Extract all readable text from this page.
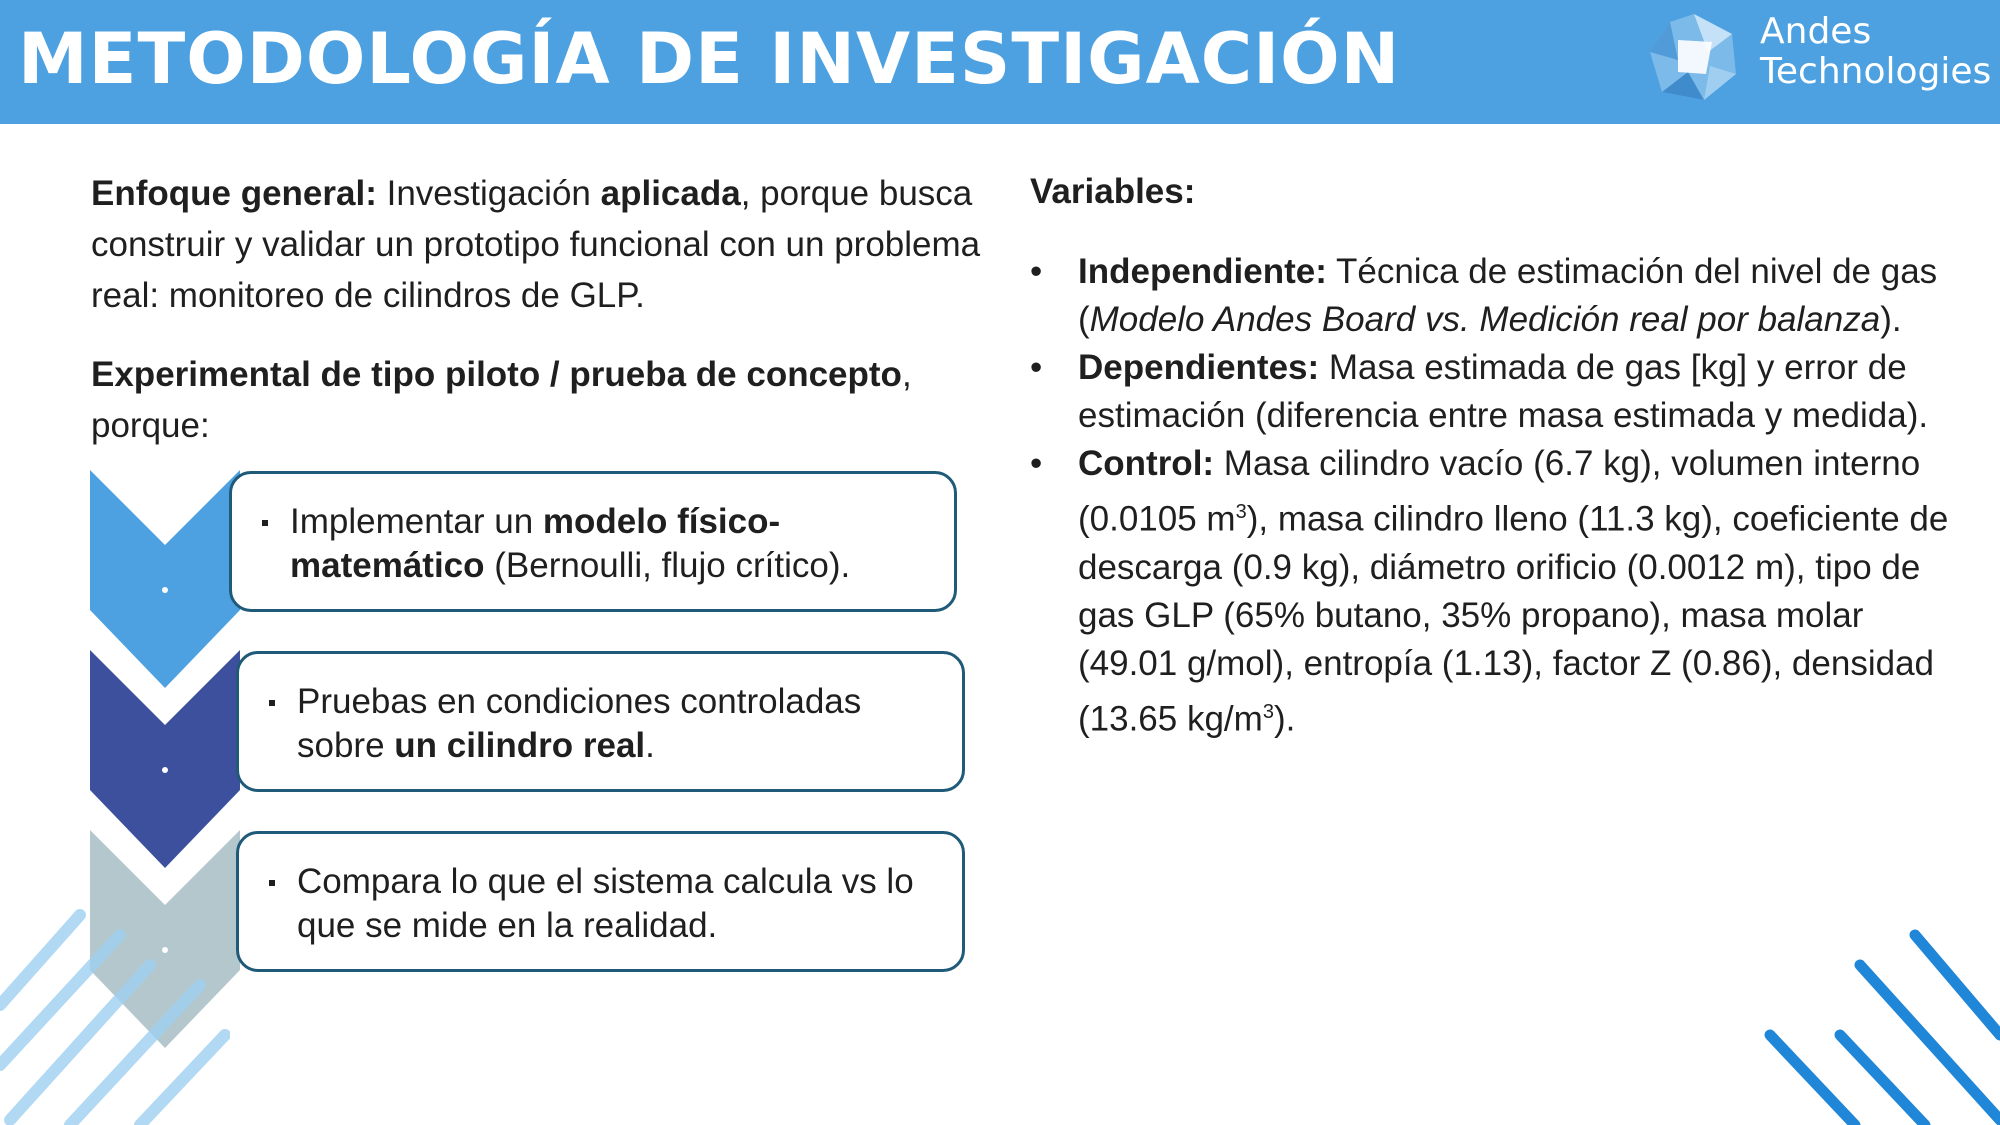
METODOLOGÍA DE INVESTIGACIÓN	Andes
Technologies

Enfoque general: Investigación aplicada, porque busca construir y validar un prototipo funcional con un problema real: monitoreo de cilindros de GLP.

Experimental de tipo piloto / prueba de concepto, porque:

Implementar un modelo físico-matemático (Bernoulli, flujo crítico).
Pruebas en condiciones controladas sobre un cilindro real.
Compara lo que el sistema calcula vs lo que se mide en la realidad.
Variables:
• Independiente: Técnica de estimación del nivel de gas (Modelo Andes Board vs. Medición real por balanza).
• Dependientes: Masa estimada de gas [kg] y error de estimación (diferencia entre masa estimada y medida).
• Control: Masa cilindro vacío (6.7 kg), volumen interno (0.0105 $m^3$), masa cilindro lleno (11.3 kg), coeficiente de descarga (0.9 kg), diámetro orificio (0.0012 m), tipo de gas GLP (65% butano, 35% propano), masa molar (49.01 g/mol), entropía (1.13), factor Z (0.86), densidad (13.65 $kg/m^3$).
